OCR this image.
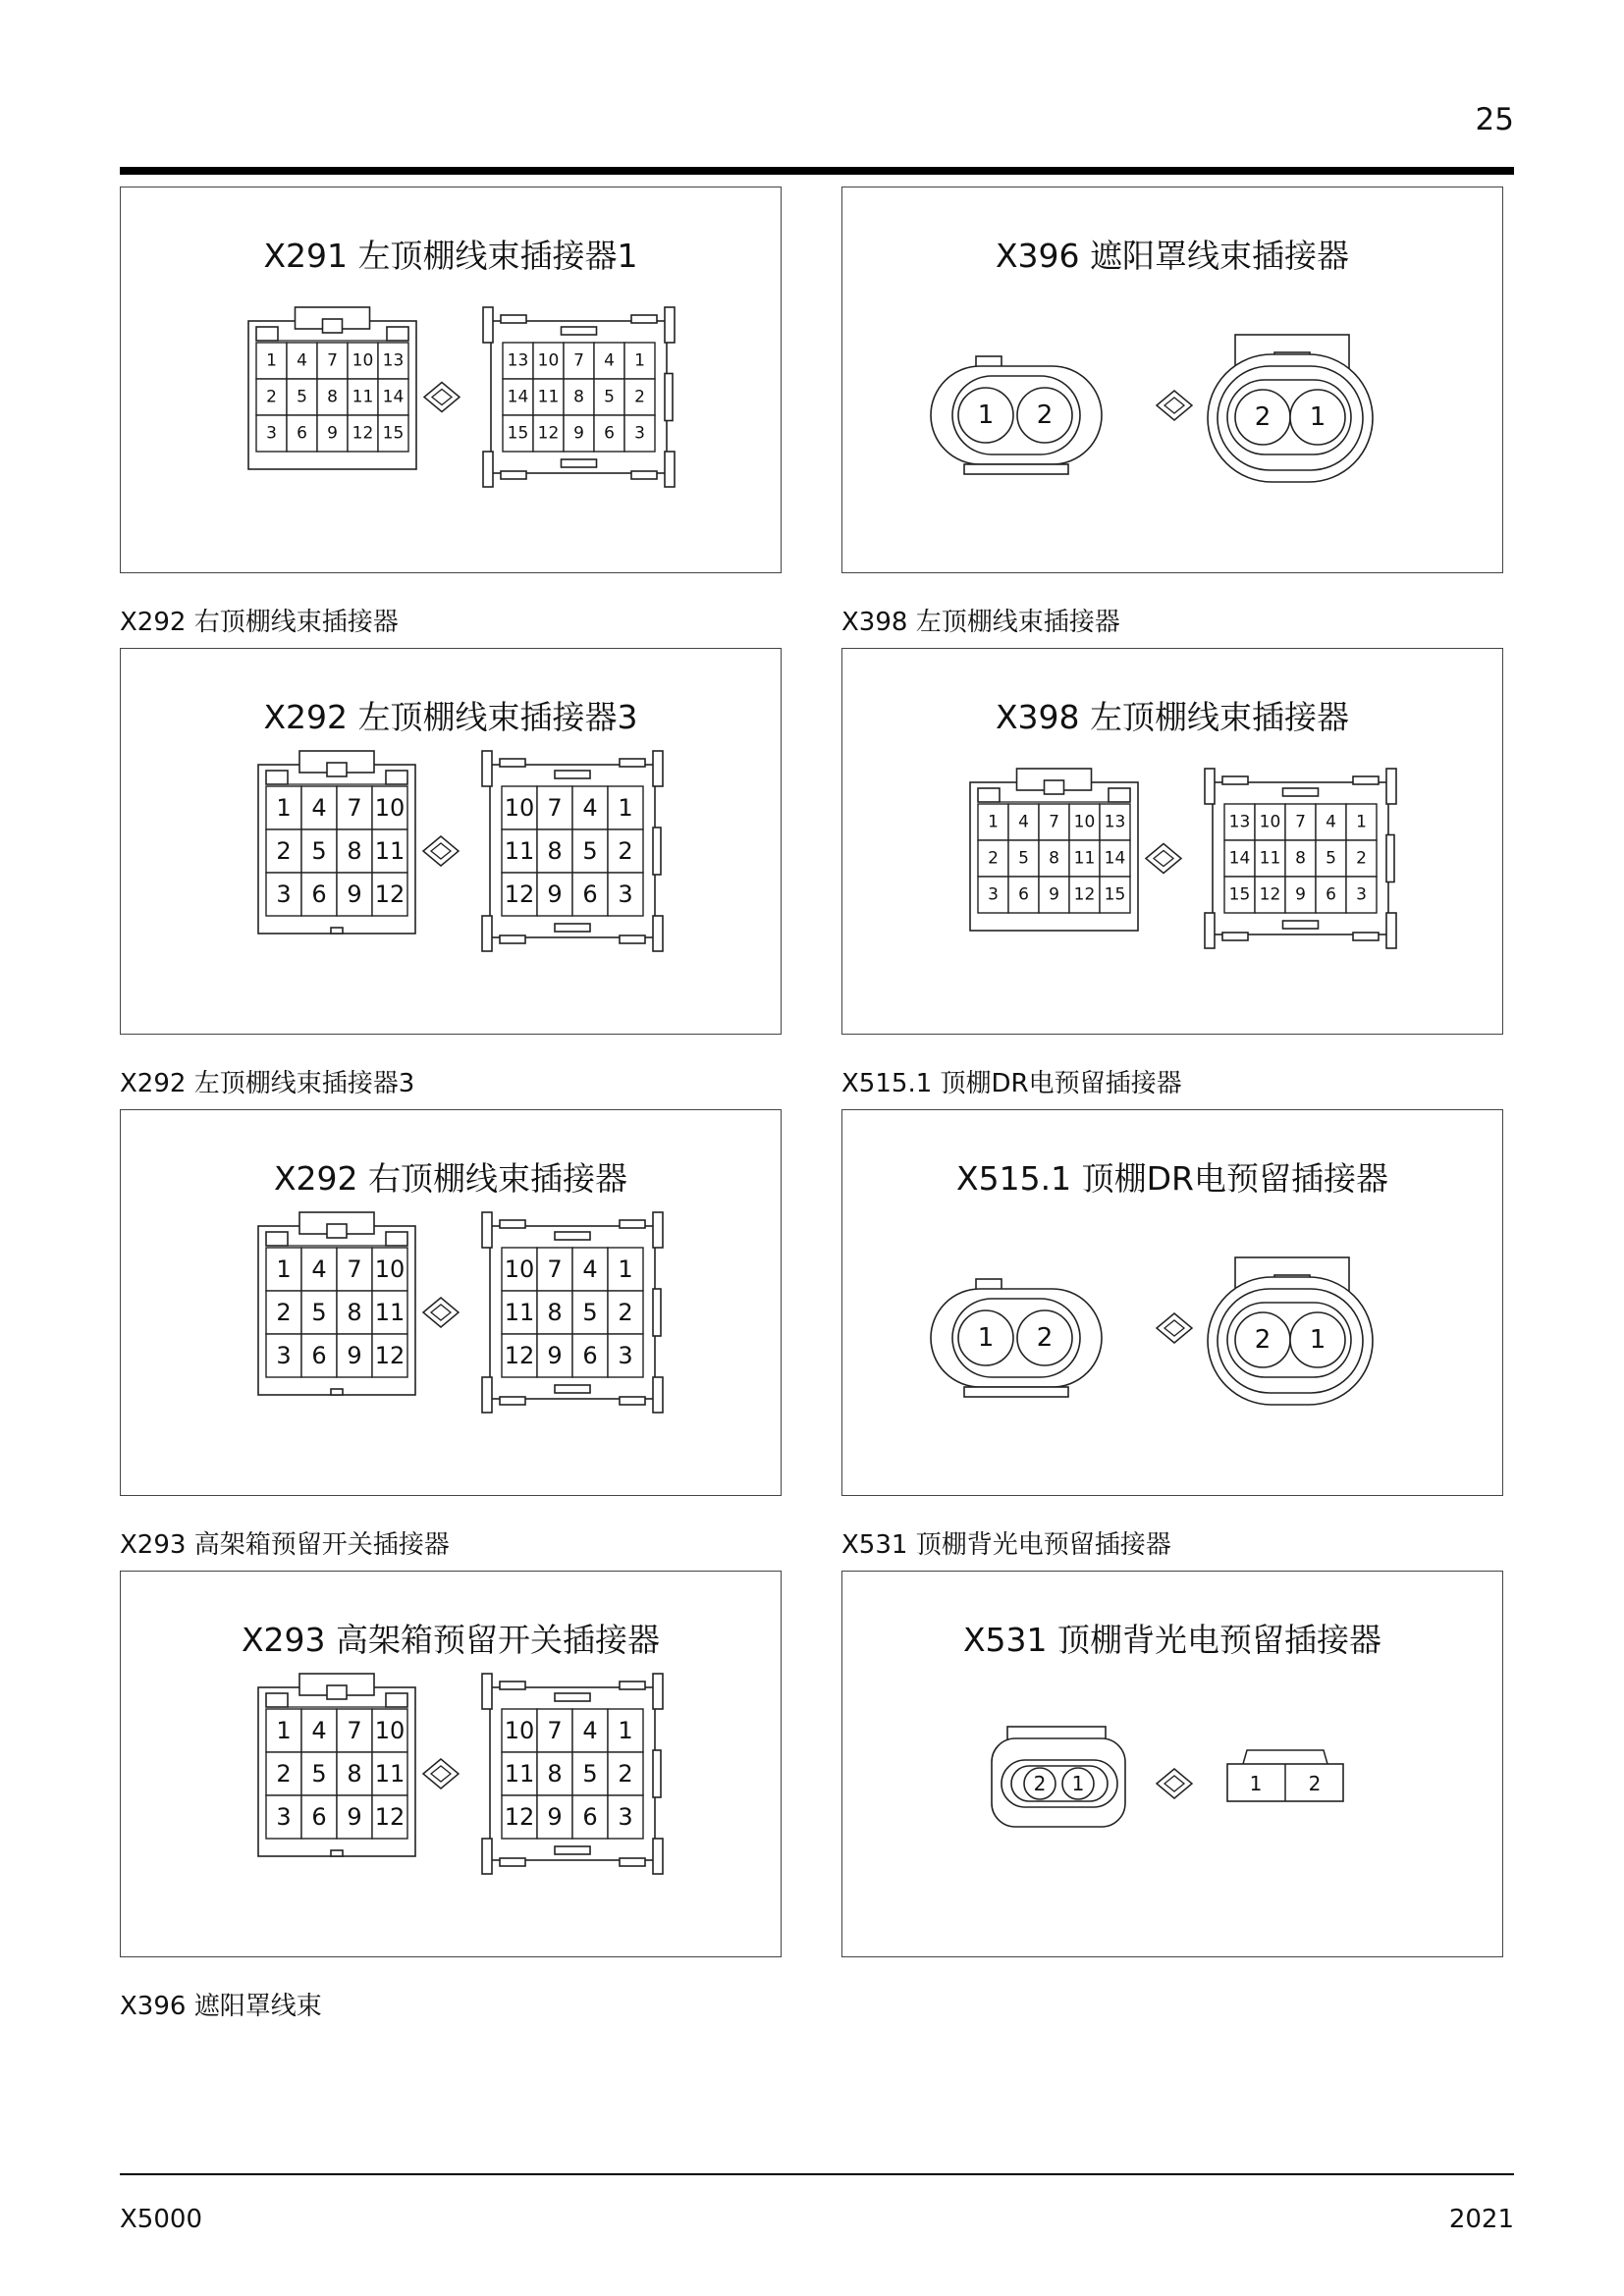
25
X291 左顶棚线束插接器1
1 4 7 10 13
2 5 8 11 14
3 6 9 12 15
13 10 7 4 1
14 11 8 5 2
15 12 9 6 3
X396 遮阳罩线束插接器
1 2	2 1
X292 右顶棚线束插接器	X398 左顶棚线束插接器
X292 左顶棚线束插接器3
1 4 7 10
2 5 8 11
3 6 9 12
10 7 4 1
11 8 5 2
12 9 6 3
X398 左顶棚线束插接器
1 4 7 10 13
2 5 8 11 14
3 6 9 12 15
13 10 7 4 1
14 11 8 5 2
15 12 9 6 3
X292 左顶棚线束插接器3	X515.1 顶棚DR电预留插接器
X292 右顶棚线束插接器
1 4 7 10
2 5 8 11
3 6 9 12
10 7 4 1
11 8 5 2
12 9 6 3
X515.1 顶棚DR电预留插接器
1 2	2 1
X293 高架箱预留开关插接器	X531 顶棚背光电预留插接器
X293 高架箱预留开关插接器
1 4 7 10
2 5 8 11
3 6 9 12
10 7 4 1
11 8 5 2
12 9 6 3
X531 顶棚背光电预留插接器
2 1	1 2
X396 遮阳罩线束
X5000	2021
